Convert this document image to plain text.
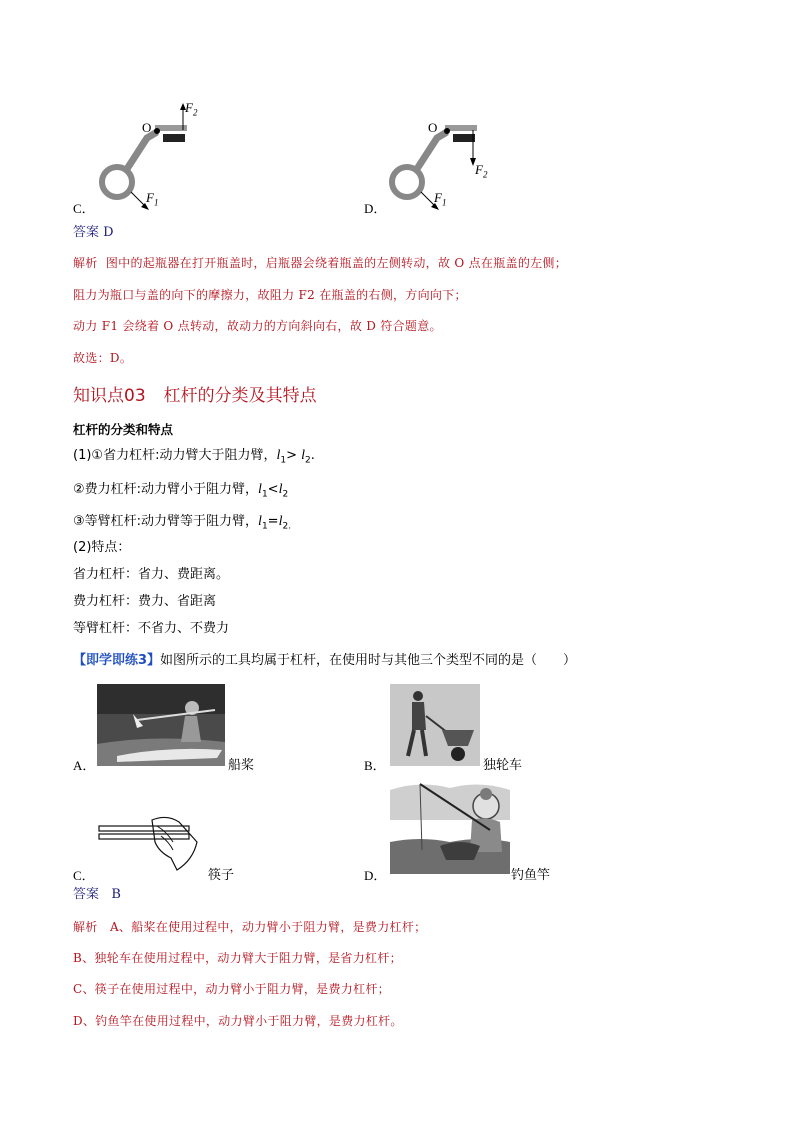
O
$F_2$
$F_1$
C．
O
$F_2$
$F_1$
D．
答案 D
解析 图中的起瓶器在打开瓶盖时，启瓶器会绕着瓶盖的左侧转动，故 O 点在瓶盖的左侧；
阻力为瓶口与盖的向下的摩擦力，故阻力 F2 在瓶盖的右侧，方向向下；
动力 F1 会绕着 O 点转动，故动力的方向斜向右，故 D 符合题意。
故选：D。
知识点03 杠杆的分类及其特点
杠杆的分类和特点
(1)①省力杠杆:动力臂大于阻力臂，$l_1> l_2$.
②费力杠杆:动力臂小于阻力臂，$l_1<l_2$
③等臂杠杆:动力臂等于阻力臂，$l_1=l_{2.}$
(2)特点：
省力杠杆：省力、费距离。
费力杠杆：费力、省距离
等臂杠杆：不省力、不费力
【即学即练3】如图所示的工具均属于杠杆，在使用时与其他三个类型不同的是（　　）
A．	船桨	B．	独轮车
C．	筷子	D．	钓鱼竿
答案 B
解析 A、船桨在使用过程中，动力臂小于阻力臂，是费力杠杆；
B、独轮车在使用过程中，动力臂大于阻力臂，是省力杠杆；
C、筷子在使用过程中，动力臂小于阻力臂，是费力杠杆；
D、钓鱼竿在使用过程中，动力臂小于阻力臂，是费力杠杆。
